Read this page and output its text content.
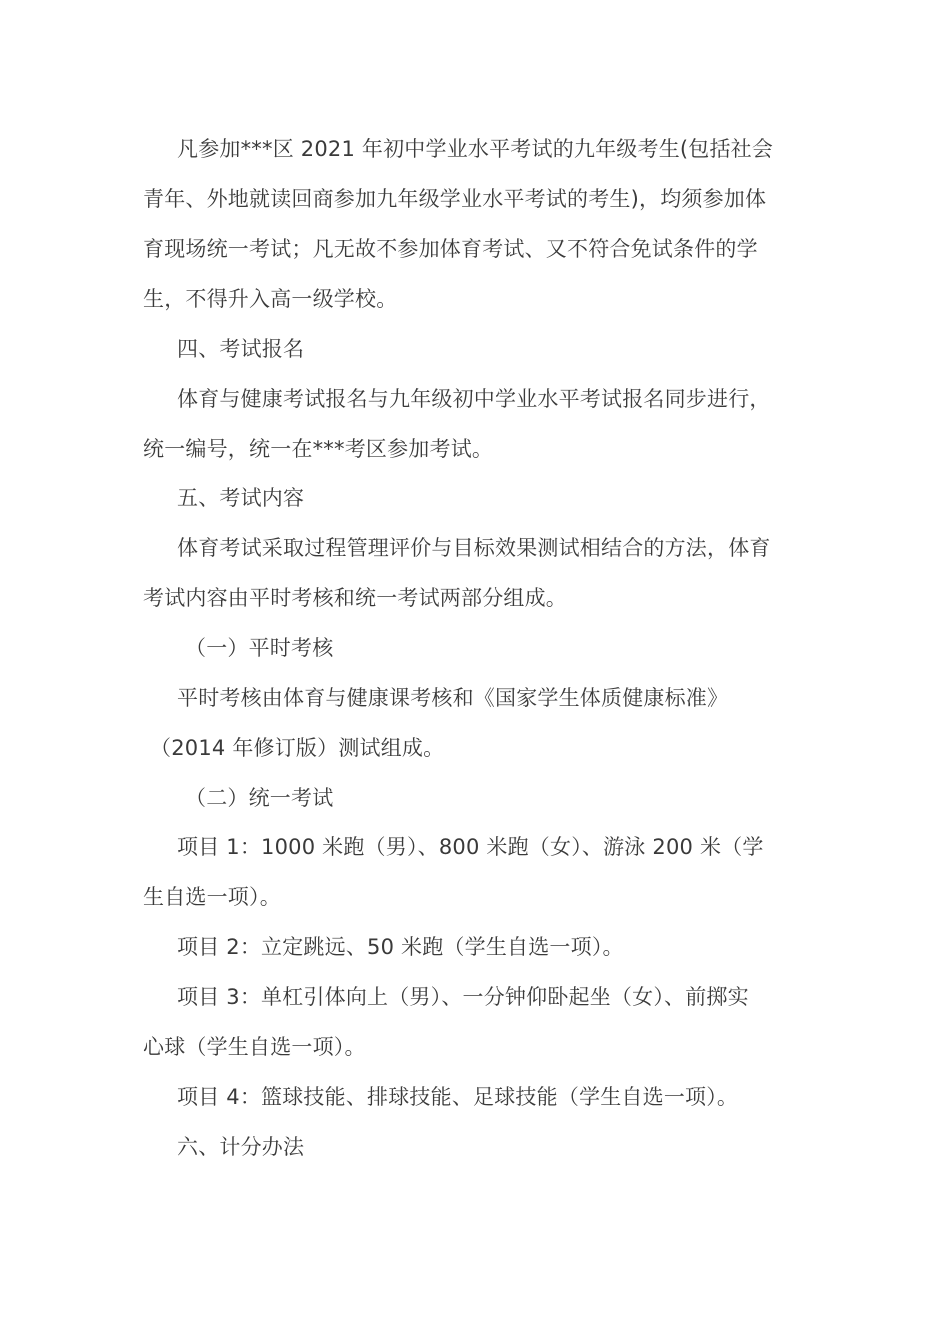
凡参加***区 2021 年初中学业水平考试的九年级考生(包括社会
青年、外地就读回商参加九年级学业水平考试的考生)，均须参加体
育现场统一考试；凡无故不参加体育考试、又不符合免试条件的学
生，不得升入高一级学校。
四、考试报名
体育与健康考试报名与九年级初中学业水平考试报名同步进行，
统一编号，统一在***考区参加考试。
五、考试内容
体育考试采取过程管理评价与目标效果测试相结合的方法，体育
考试内容由平时考核和统一考试两部分组成。
（一）平时考核
平时考核由体育与健康课考核和《国家学生体质健康标准》
（2014 年修订版）测试组成。
（二）统一考试
项目 1：1000 米跑（男）、800 米跑（女）、游泳 200 米（学
生自选一项）。
项目 2：立定跳远、50 米跑（学生自选一项）。
项目 3：单杠引体向上（男）、一分钟仰卧起坐（女）、前掷实
心球（学生自选一项）。
项目 4：篮球技能、排球技能、足球技能（学生自选一项）。
六、计分办法
